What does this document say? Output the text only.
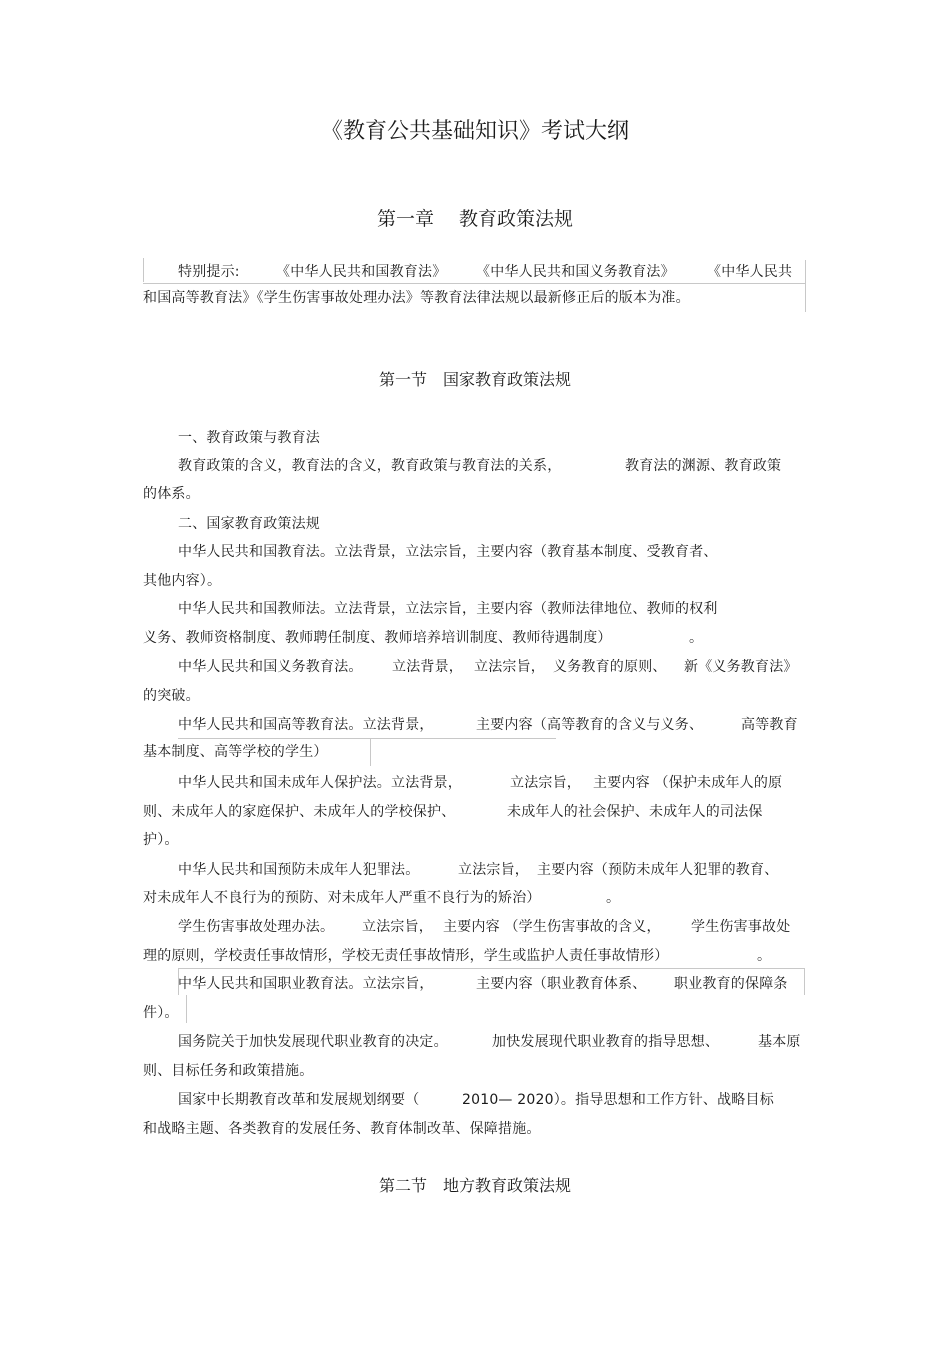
《教育公共基础知识》考试大纲
第一章　 教育政策法规
特别提示:	《中华人民共和国教育法》 《中华人民共和国义务教育法》 《中华人民共
和国高等教育法》《学生伤害事故处理办法》等教育法律法规以最新修正后的版本为准。
第一节　国家教育政策法规
一、教育政策与教育法
教育政策的含义，教育法的含义，教育政策与教育法的关系，	教育法的渊源、教育政策
的体系。
二、国家教育政策法规
中华人民共和国教育法。立法背景，立法宗旨，主要内容（教育基本制度、受教育者、
其他内容）。
中华人民共和国教师法。立法背景，立法宗旨，主要内容（教师法律地位、教师的权利
义务、教师资格制度、教师聘任制度、教师培养培训制度、教师待遇制度）	。
中华人民共和国义务教育法。 立法背景， 立法宗旨， 义务教育的原则、 新《义务教育法》
的突破。
中华人民共和国高等教育法。立法背景，	主要内容（高等教育的含义与义务、	高等教育
基本制度、高等学校的学生）

中华人民共和国未成年人保护法。立法背景，	立法宗旨， 主要内容 （保护未成年人的原
则、未成年人的家庭保护、未成年人的学校保护、	未成年人的社会保护、未成年人的司法保
护）。
中华人民共和国预防未成年人犯罪法。	立法宗旨， 主要内容（预防未成年人犯罪的教育、
对未成年人不良行为的预防、对未成年人严重不良行为的矫治）	。
学生伤害事故处理办法。 立法宗旨， 主要内容 （学生伤害事故的含义， 学生伤害事故处
理的原则，学校责任事故情形，学校无责任事故情形，学生或监护人责任事故情形）	。
中华人民共和国职业教育法。立法宗旨，	主要内容（职业教育体系、 职业教育的保障条
件）。
国务院关于加快发展现代职业教育的决定。	加快发展现代职业教育的指导思想、	基本原
则、目标任务和政策措施。
国家中长期教育改革和发展规划纲要（	2010— 2020）。指导思想和工作方针、战略目标
和战略主题、各类教育的发展任务、教育体制改革、保障措施。
第二节　地方教育政策法规
